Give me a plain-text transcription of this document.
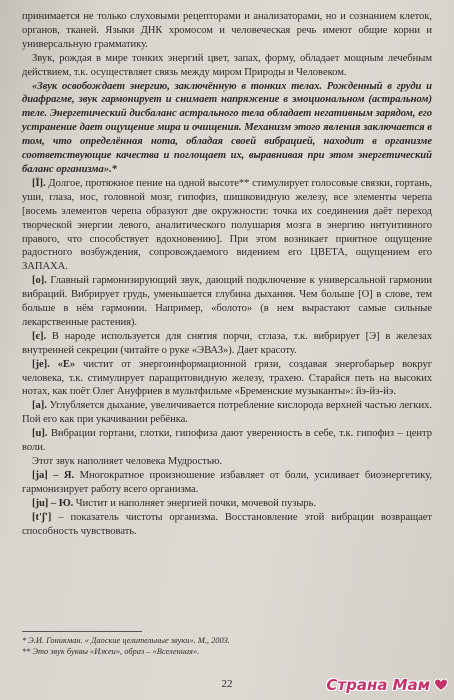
принимается не только слуховыми рецепторами и анализаторами, но и сознанием клеток, органов, тканей. Языки ДНК хромосом и человеческая речь имеют общие корни и универсальную грамматику.

Звук, рождая в мире тонких энергий цвет, запах, форму, обладает мощным лечебным действием, т.к. осуществляет связь между миром Природы и Человеком.

«Звук освобождает энергию, заключённую в тонких телах. Рожденный в груди и диафрагме, звук гармонирует и снимает напряжение в эмоциональном (астральном) теле. Энергетический дисбаланс астрального тела обладает негативным зарядом, его устранение дает ощущение мира и очищения. Механизм этого явления заключается в том, что определённая нота, обладая своей вибрацией, находит в организме соответствующие качества и поглощает их, выравнивая при этом энергетический баланс организма».*

[Ī]. Долгое, протяжное пение на одной высоте** стимулирует голосовые связки, гортань, уши, глаза, нос, головной мозг, гипофиз, шишковидную железу, все элементы черепа [восемь элементов черепа образуют две окружности: точка их соединения даёт переход творческой энергии левого, аналитического полушария мозга в энергию интуитивного правого, что способствует вдохновению]. При этом возникает приятное ощущение радостного возбуждения, сопровождаемого видением его ЦВЕТА, ощущением его ЗАПАХА.

[o]. Главный гармонизирующий звук, дающий подключение к универсальной гармонии вибраций. Вибрирует грудь, уменьшается глубина дыхания. Чем больше [О] в слове, тем больше в нём гармонии. Например, «болото» (в нем вырастают самые сильные лекарственные растения).

[є]. В народе используется для снятия порчи, сглаза, т.к. вибрирует [Э] в железах внутренней секреции (читайте о руке «ЭВАЗ»). Дает красоту.

[je]. «Е» чистит от энергоинформационной грязи, создавая энергобарьер вокруг человека, т.к. стимулирует паращитовидную железу, трахею. Старайся петь на высоких нотах, как поёт Олег Ануфриев в мультфильме «Бременские музыканты»: йэ-йэ-йэ.

[a]. Углубляется дыхание, увеличивается потребление кислорода верхней частью легких. Пой его как при укачивании ребёнка.

[u]. Вибрации гортани, глотки, гипофиза дают уверенность в себе, т.к. гипофиз – центр воли.

Этот звук наполняет человека Мудростью.

[ja] – Я. Многократное произношение избавляет от боли, усиливает биоэнергетику, гармонизирует работу всего организма.

[ju] – Ю. Чистит и наполняет энергией почки, мочевой пузырь.

[t'ʃ'] – показатель чистоты организма. Восстановление этой вибрации возвращает способность чувствовать.

* Э.И. Гоникман. « Даоские целительные звуки». М., 2003.
** Это звук буквы «Ижеи», образ – «Вселенная».
22	Страна Мам
